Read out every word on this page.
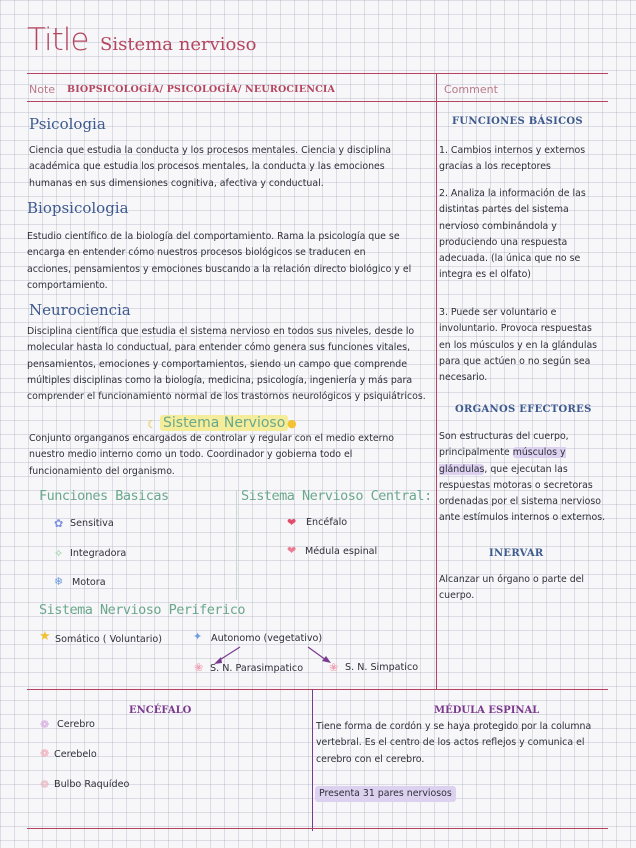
Title Sistema nervioso
Note BIOPSICOLOGÍA/ PSICOLOGÍA/ NEUROCIENCIA	Comment
Psicologia
Ciencia que estudia la conducta y los procesos mentales. Ciencia y disciplina académica que estudia los procesos mentales, la conducta y las emociones humanas en sus dimensiones cognitiva, afectiva y conductual.
Biopsicologia
Estudio científico de la biología del comportamiento. Rama la psicología que se encarga en entender cómo nuestros procesos biológicos se traducen en acciones, pensamientos y emociones buscando a la relación directo biológico y el comportamiento.
Neurociencia
Disciplina científica que estudia el sistema nervioso en todos sus niveles, desde lo molecular hasta lo conductual, para entender cómo genera sus funciones vitales, pensamientos, emociones y comportamientos, siendo un campo que comprende múltiples disciplinas como la biología, medicina, psicología, ingeniería y más para comprender el funcionamiento normal de los trastornos neurológicos y psiquiátricos.
☾ Sistema Nervioso ●
Conjunto organganos encargados de controlar y regular con el medio externo nuestro medio interno como un todo. Coordinador y gobierna todo el funcionamiento del organismo.
Funciones Basicas
✿ Sensitiva
✧ Integradora
❄ Motora
Sistema Nervioso Central:
❤ Encéfalo
❤ Médula espinal
Sistema Nervioso Periferico
★ Somático ( Voluntario)	✦ Autonomo (vegetativo)
❀ S. N. Parasimpatico ❀ S. N. Simpatico
FUNCIONES BÁSICOS
1. Cambios internos y externos gracias a los receptores
2. Analiza la información de las distintas partes del sistema nervioso combinándola y produciendo una respuesta adecuada. (la única que no se integra es el olfato)
3. Puede ser voluntario e involuntario. Provoca respuestas en los músculos y en la glándulas para que actúen o no según sea necesario.
ORGANOS EFECTORES
Son estructuras del cuerpo, principalmente músculos y glándulas, que ejecutan las respuestas motoras o secretoras ordenadas por el sistema nervioso ante estímulos internos o externos.
INERVAR
Alcanzar un órgano o parte del cuerpo.
ENCÉFALO
❁ Cerebro
❁ Cerebelo
❁ Bulbo Raquídeo
MÉDULA ESPINAL
Tiene forma de cordón y se haya protegido por la columna vertebral. Es el centro de los actos reflejos y comunica el cerebro con el cerebro.
Presenta 31 pares nerviosos
